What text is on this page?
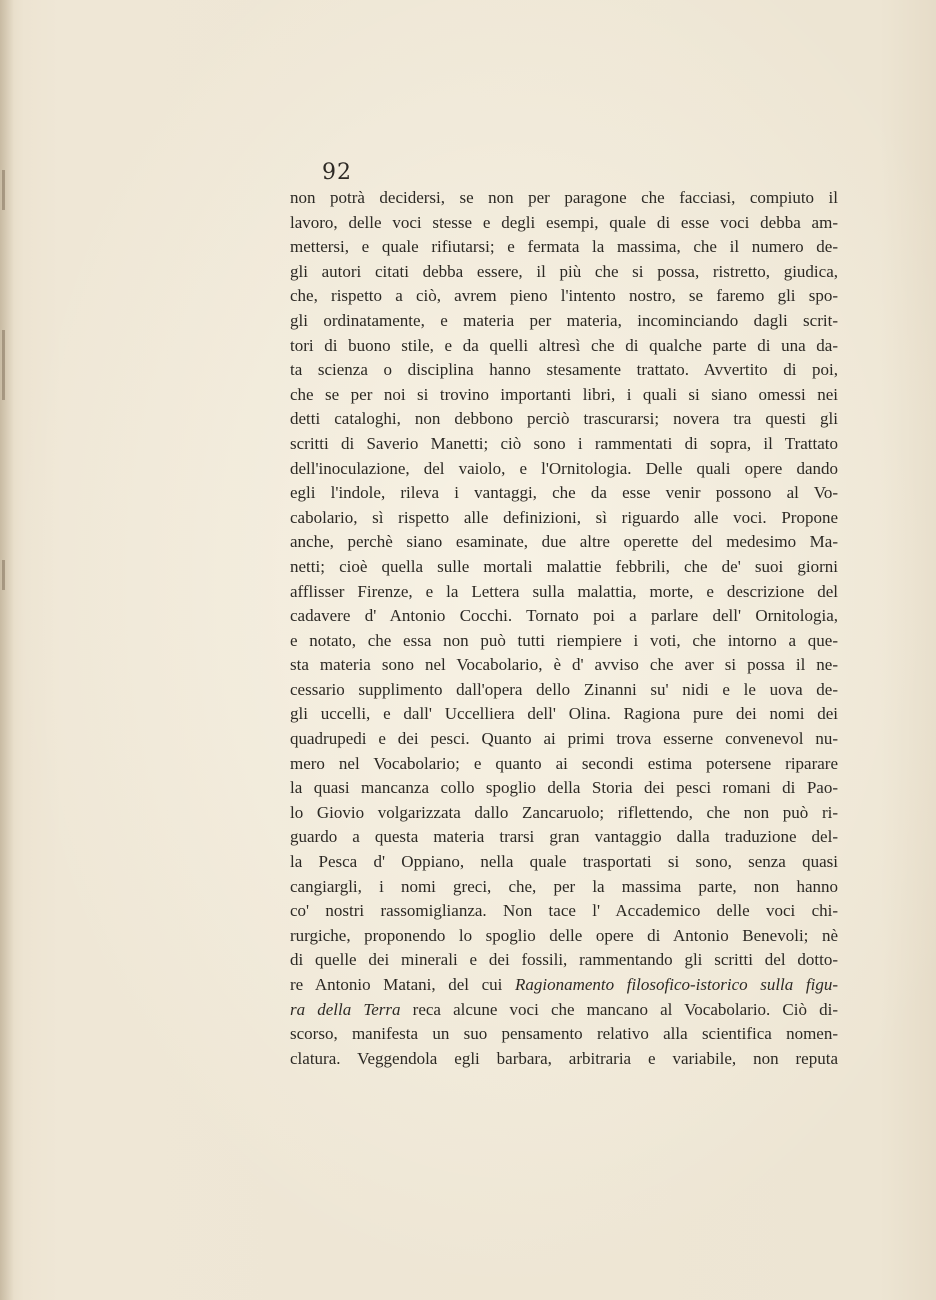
92
non potrà decidersi, se non per paragone che facciasi, compiuto il
lavoro, delle voci stesse e degli esempi, quale di esse voci debba am-
mettersi, e quale rifiutarsi; e fermata la massima, che il numero de-
gli autori citati debba essere, il più che si possa, ristretto, giudica,
che, rispetto a ciò, avrem pieno l'intento nostro, se faremo gli spo-
gli ordinatamente, e materia per materia, incominciando dagli scrit-
tori di buono stile, e da quelli altresì che di qualche parte di una da-
ta scienza o disciplina hanno stesamente trattato. Avvertito di poi,
che se per noi si trovino importanti libri, i quali si siano omessi nei
detti cataloghi, non debbono perciò trascurarsi; novera tra questi gli
scritti di Saverio Manetti; ciò sono i rammentati di sopra, il Trattato
dell'inoculazione, del vaiolo, e l'Ornitologia. Delle quali opere dando
egli l'indole, rileva i vantaggi, che da esse venir possono al Vo-
cabolario, sì rispetto alle definizioni, sì riguardo alle voci. Propone
anche, perchè siano esaminate, due altre operette del medesimo Ma-
netti; cioè quella sulle mortali malattie febbrili, che de' suoi giorni
afflisser Firenze, e la Lettera sulla malattia, morte, e descrizione del
cadavere d' Antonio Cocchi. Tornato poi a parlare dell' Ornitologia,
e notato, che essa non può tutti riempiere i voti, che intorno a que-
sta materia sono nel Vocabolario, è d' avviso che aver si possa il ne-
cessario supplimento dall'opera dello Zinanni su' nidi e le uova de-
gli uccelli, e dall' Uccelliera dell' Olina. Ragiona pure dei nomi dei
quadrupedi e dei pesci. Quanto ai primi trova esserne convenevol nu-
mero nel Vocabolario; e quanto ai secondi estima potersene riparare
la quasi mancanza collo spoglio della Storia dei pesci romani di Pao-
lo Giovio volgarizzata dallo Zancaruolo; riflettendo, che non può ri-
guardo a questa materia trarsi gran vantaggio dalla traduzione del-
la Pesca d' Oppiano, nella quale trasportati si sono, senza quasi
cangiargli, i nomi greci, che, per la massima parte, non hanno
co' nostri rassomiglianza. Non tace l' Accademico delle voci chi-
rurgiche, proponendo lo spoglio delle opere di Antonio Benevoli; nè
di quelle dei minerali e dei fossili, rammentando gli scritti del dotto-
re Antonio Matani, del cui Ragionamento filosofico-istorico sulla figu-
ra della Terra reca alcune voci che mancano al Vocabolario. Ciò di-
scorso, manifesta un suo pensamento relativo alla scientifica nomen-
clatura. Veggendola egli barbara, arbitraria e variabile, non reputa
